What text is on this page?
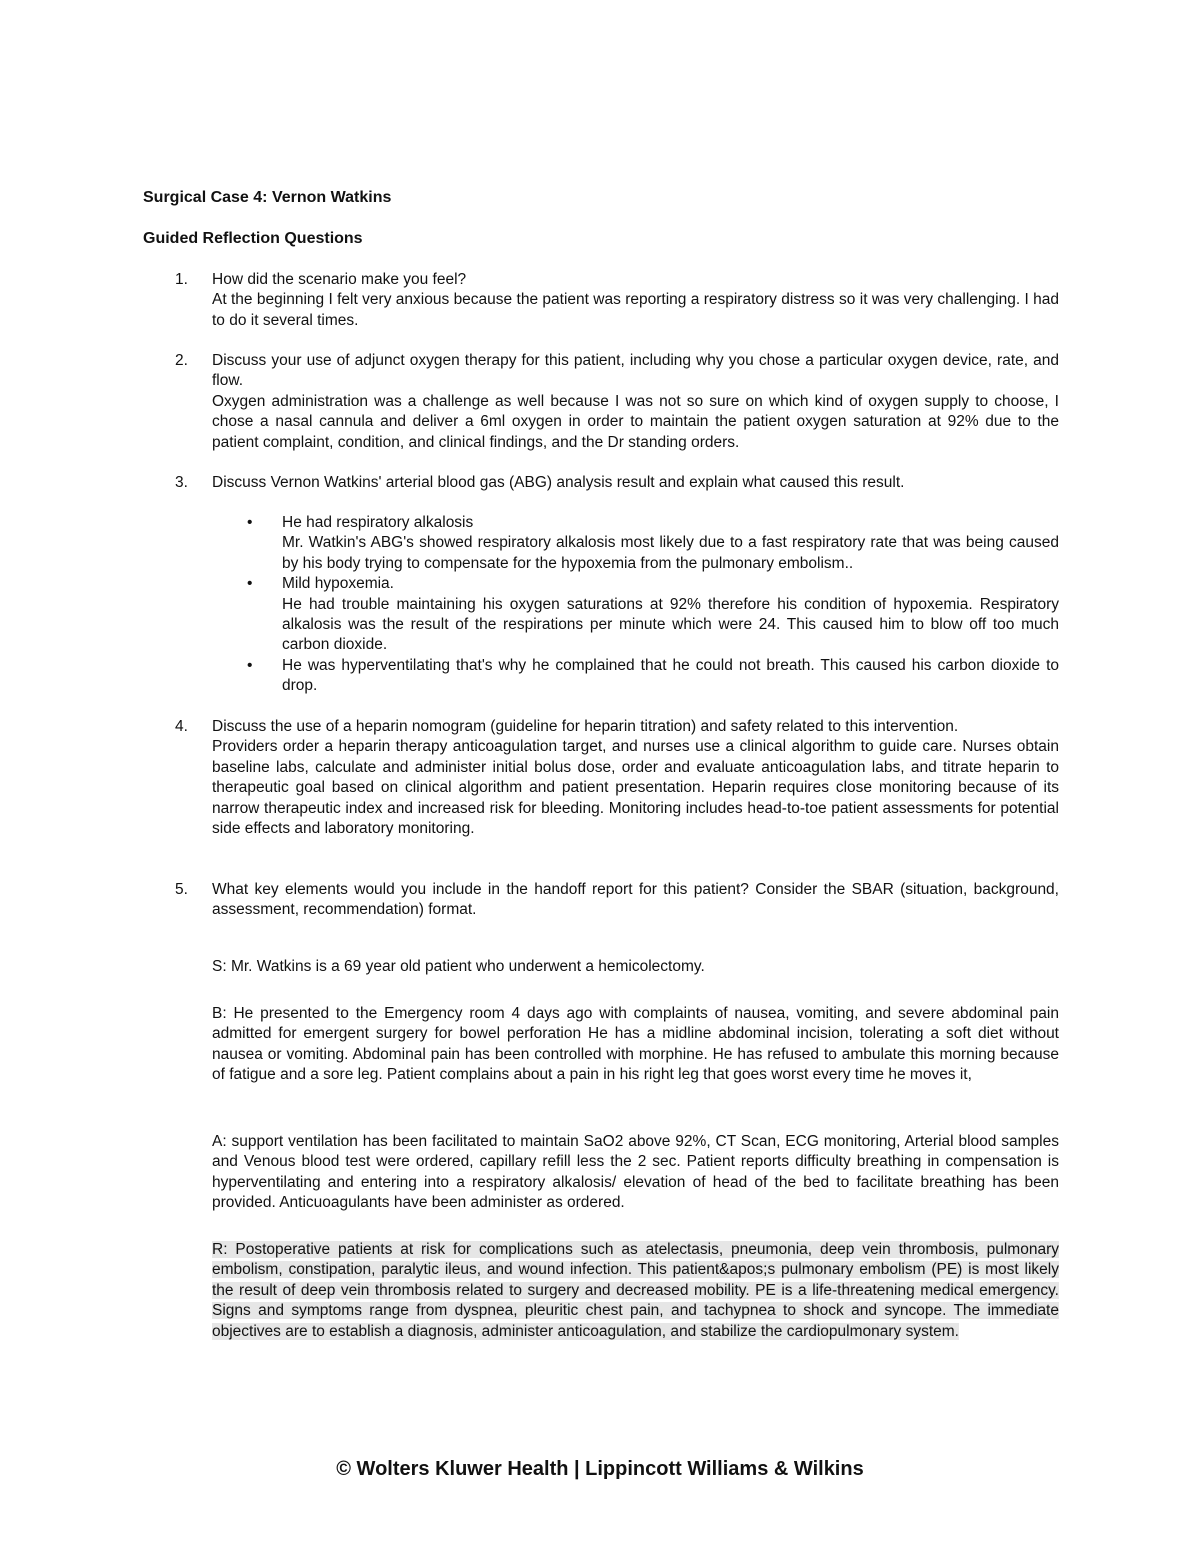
Surgical Case 4: Vernon Watkins
Guided Reflection Questions
1.	How did the scenario make you feel?

At the beginning I felt very anxious because the patient was reporting a respiratory distress so it was very challenging. I had to do it several times.

2.	Discuss your use of adjunct oxygen therapy for this patient, including why you chose a particular oxygen device, rate, and flow.

Oxygen administration was a challenge as well because I was not so sure on which kind of oxygen supply to choose, I chose a nasal cannula and deliver a 6ml oxygen in order to maintain the patient oxygen saturation at 92% due to the patient complaint, condition, and clinical findings, and the Dr standing orders.

3.	Discuss Vernon Watkins' arterial blood gas (ABG) analysis result and explain what caused this result.

• He had respiratory alkalosis

Mr. Watkin's ABG's showed respiratory alkalosis most likely due to a fast respiratory rate that was being caused by his body trying to compensate for the hypoxemia from the pulmonary embolism..

• Mild hypoxemia.

He had trouble maintaining his oxygen saturations at 92% therefore his condition of hypoxemia. Respiratory alkalosis was the result of the respirations per minute which were 24. This caused him to blow off too much carbon dioxide.

• He was hyperventilating that's why he complained that he could not breath. This caused his carbon dioxide to drop.

4.	Discuss the use of a heparin nomogram (guideline for heparin titration) and safety related to this intervention.

Providers order a heparin therapy anticoagulation target, and nurses use a clinical algorithm to guide care. Nurses obtain baseline labs, calculate and administer initial bolus dose, order and evaluate anticoagulation labs, and titrate heparin to therapeutic goal based on clinical algorithm and patient presentation. Heparin requires close monitoring because of its narrow therapeutic index and increased risk for bleeding. Monitoring includes head-to-toe patient assessments for potential side effects and laboratory monitoring.

5.	What key elements would you include in the handoff report for this patient? Consider the SBAR (situation, background, assessment, recommendation) format.

S: Mr. Watkins is a 69 year old patient who underwent a hemicolectomy.

B: He presented to the Emergency room 4 days ago with complaints of nausea, vomiting, and severe abdominal pain admitted for emergent surgery for bowel perforation He has a midline abdominal incision, tolerating a soft diet without nausea or vomiting. Abdominal pain has been controlled with morphine. He has refused to ambulate this morning because of fatigue and a sore leg. Patient complains about a pain in his right leg that goes worst every time he moves it,

A: support ventilation has been facilitated to maintain SaO2 above 92%, CT Scan, ECG monitoring, Arterial blood samples and Venous blood test were ordered, capillary refill less the 2 sec. Patient reports difficulty breathing in compensation is hyperventilating and entering into a respiratory alkalosis/ elevation of head of the bed to facilitate breathing has been provided. Anticuoagulants have been administer as ordered.

R: Postoperative patients at risk for complications such as atelectasis, pneumonia, deep vein thrombosis, pulmonary embolism, constipation, paralytic ileus, and wound infection. This patient&apos;s pulmonary embolism (PE) is most likely the result of deep vein thrombosis related to surgery and decreased mobility. PE is a life-threatening medical emergency. Signs and symptoms range from dyspnea, pleuritic chest pain, and tachypnea to shock and syncope. The immediate objectives are to establish a diagnosis, administer anticoagulation, and stabilize the cardiopulmonary system.

© Wolters Kluwer Health | Lippincott Williams & Wilkins
